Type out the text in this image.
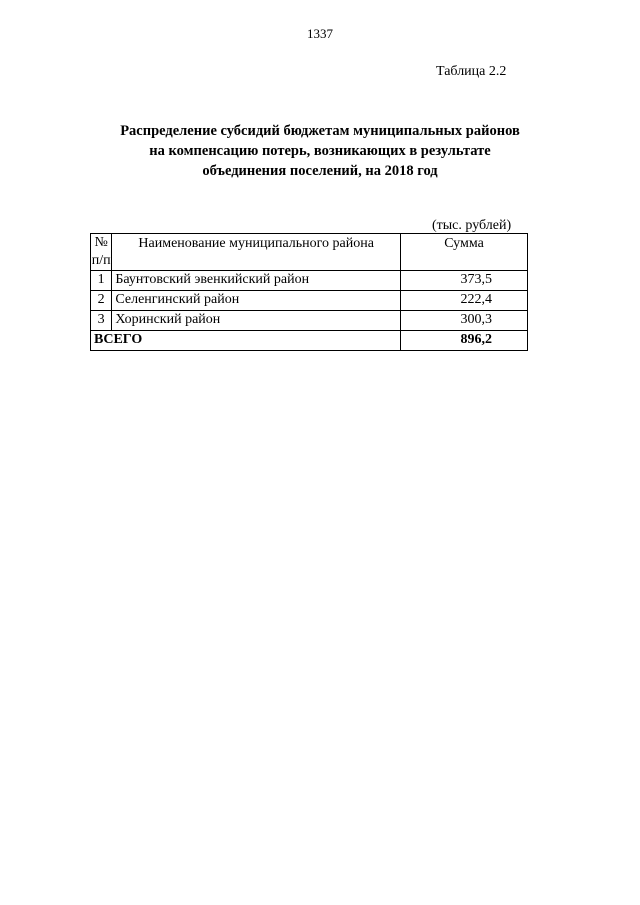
1337
Таблица 2.2
Распределение субсидий бюджетам муниципальных районов
на компенсацию потерь, возникающих в результате
объединения поселений, на 2018 год
(тыс. рублей)
№
п/п	Наименование муниципального района	Сумма
1	Баунтовский эвенкийский район	373,5
2	Селенгинский район	222,4
3	Хоринский район	300,3
ВСЕГО		896,2
